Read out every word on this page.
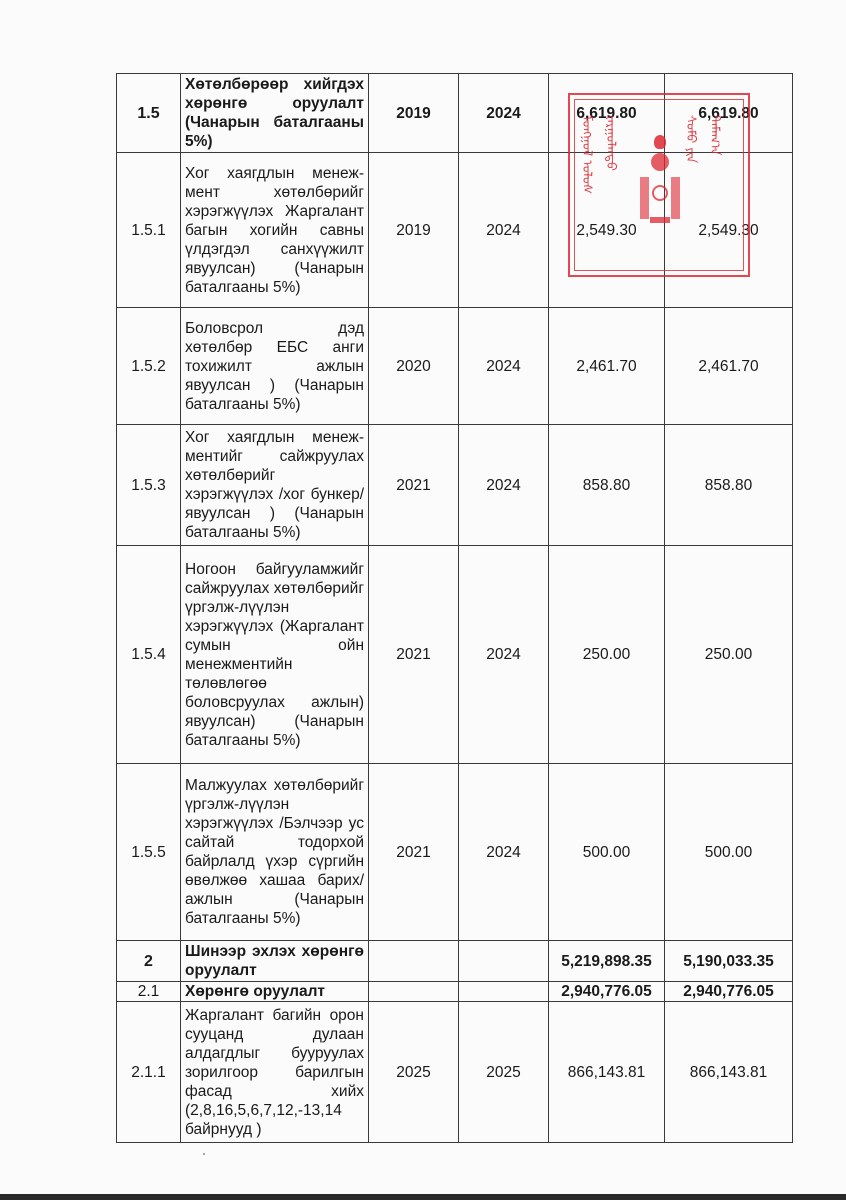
1.5	Хөтөлбөрөөр хийгдэх хөрөнгө оруулалт (Чанарын баталгааны 5%)	2019	2024	6,619.80	6,619.80
1.5.1	Хог хаягдлын менеж-мент хөтөлбөрийг хэрэгжүүлэх Жаргалант багын хогийн савны үлдэгдэл санхүүжилт явуулсан) (Чанарын баталгааны 5%)	2019	2024	2,549.30	2,549.30
1.5.2	Боловсрол дэд хөтөлбөр ЕБС анги тохижилт ажлын явуулсан ) (Чанарын баталгааны 5%)	2020	2024	2,461.70	2,461.70
1.5.3	Хог хаягдлын менеж-ментийг сайжруулах хөтөлбөрийг хэрэгжүүлэх /хог бункер/ явуулсан ) (Чанарын баталгааны 5%)	2021	2024	858.80	858.80
1.5.4	Ногоон байгууламжийг сайжруулах хөтөлбөрийг үргэлж-лүүлэн хэрэгжүүлэх (Жаргалант сумын ойн менежментийн төлөвлөгөө боловсруулах ажлын) явуулсан) (Чанарын баталгааны 5%)	2021	2024	250.00	250.00
1.5.5	Малжуулах хөтөлбөрийг үргэлж-лүүлэн хэрэгжүүлэх /Бэлчээр ус сайтай тодорхой байрлалд үхэр сүргийн өвөлжөө хашаа барих/ ажлын (Чанарын баталгааны 5%)	2021	2024	500.00	500.00
2	Шинээр эхлэх хөрөнгө оруулалт			5,219,898.35	5,190,033.35
2.1	Хөрөнгө оруулалт			2,940,776.05	2,940,776.05
2.1.1	Жаргалант багийн орон сууцанд дулаан алдагдлыг бууруулах зорилгоор барилгын фасад хийх (2,8,16,5,6,7,12,-13,14 байрнууд )	2025	2025	866,143.81	866,143.81
ᠮᠣᠩᠭᠣᠯ ᠤᠯᠤᠰ ᠵᠠᠷᠭᠤᠯᠠᠨᠲᠤ	ᠰᠤᠮᠤ ᠶᠢᠨ ᠲᠠᠮᠠᠭ᠎ᠠ
